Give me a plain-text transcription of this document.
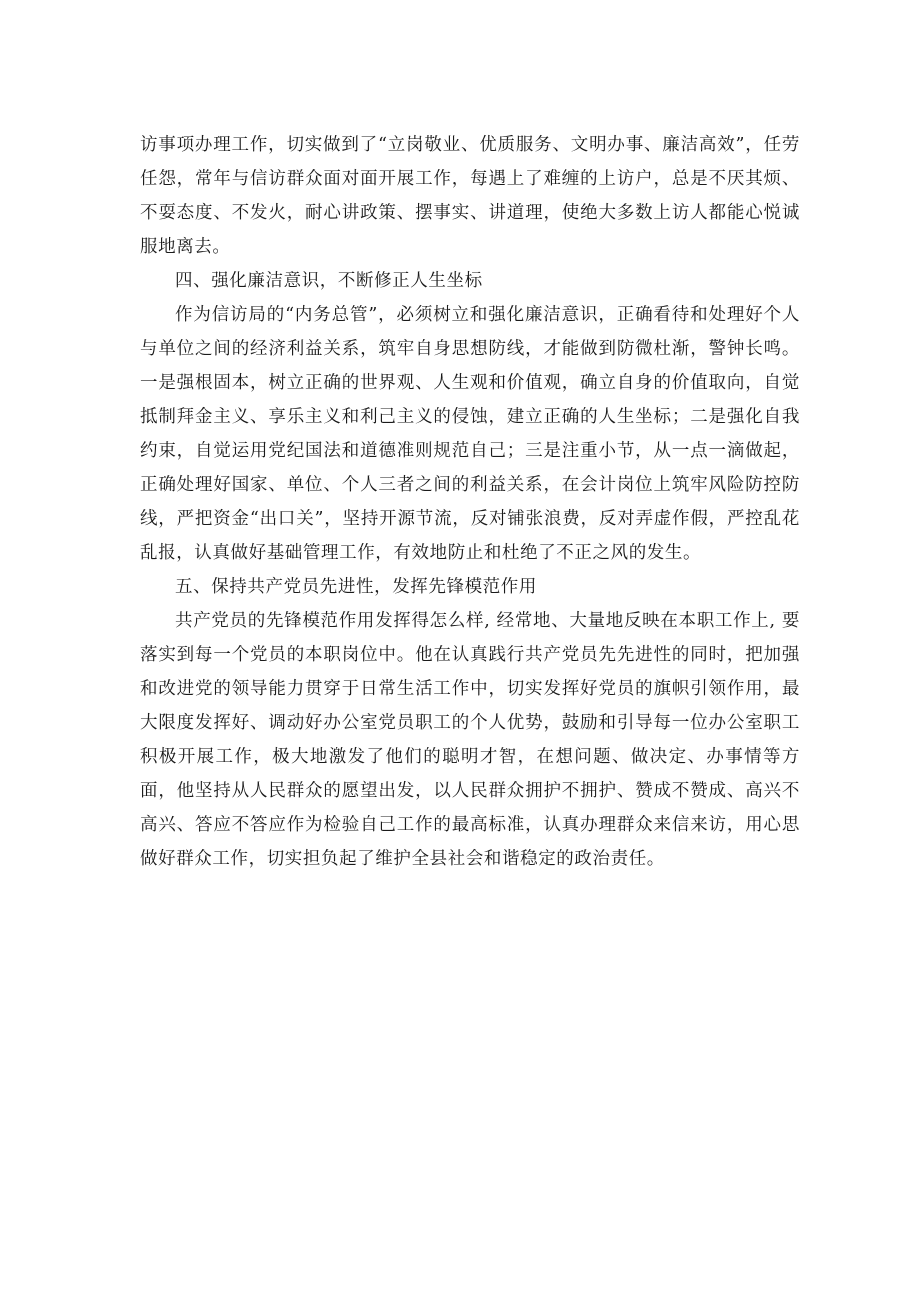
访事项办理工作，切实做到了“立岗敬业、优质服务、文明办事、廉洁高效”，任劳任怨，常年与信访群众面对面开展工作，每遇上了难缠的上访户，总是不厌其烦、不耍态度、不发火，耐心讲政策、摆事实、讲道理，使绝大多数上访人都能心悦诚服地离去。

四、强化廉洁意识，不断修正人生坐标

作为信访局的“内务总管”，必须树立和强化廉洁意识，正确看待和处理好个人与单位之间的经济利益关系，筑牢自身思想防线，才能做到防微杜渐，警钟长鸣。一是强根固本，树立正确的世界观、人生观和价值观，确立自身的价值取向，自觉抵制拜金主义、享乐主义和利己主义的侵蚀，建立正确的人生坐标；二是强化自我约束，自觉运用党纪国法和道德准则规范自己；三是注重小节，从一点一滴做起，正确处理好国家、单位、个人三者之间的利益关系，在会计岗位上筑牢风险防控防线，严把资金“出口关”，坚持开源节流，反对铺张浪费，反对弄虚作假，严控乱花乱报，认真做好基础管理工作，有效地防止和杜绝了不正之风的发生。

五、保持共产党员先进性，发挥先锋模范作用

共产党员的先锋模范作用发挥得怎么样, 经常地、大量地反映在本职工作上, 要落实到每一个党员的本职岗位中。他在认真践行共产党员先先进性的同时，把加强和改进党的领导能力贯穿于日常生活工作中，切实发挥好党员的旗帜引领作用，最大限度发挥好、调动好办公室党员职工的个人优势，鼓励和引导每一位办公室职工积极开展工作，极大地激发了他们的聪明才智，在想问题、做决定、办事情等方面，他坚持从人民群众的愿望出发，以人民群众拥护不拥护、赞成不赞成、高兴不高兴、答应不答应作为检验自己工作的最高标准，认真办理群众来信来访，用心思做好群众工作，切实担负起了维护全县社会和谐稳定的政治责任。
